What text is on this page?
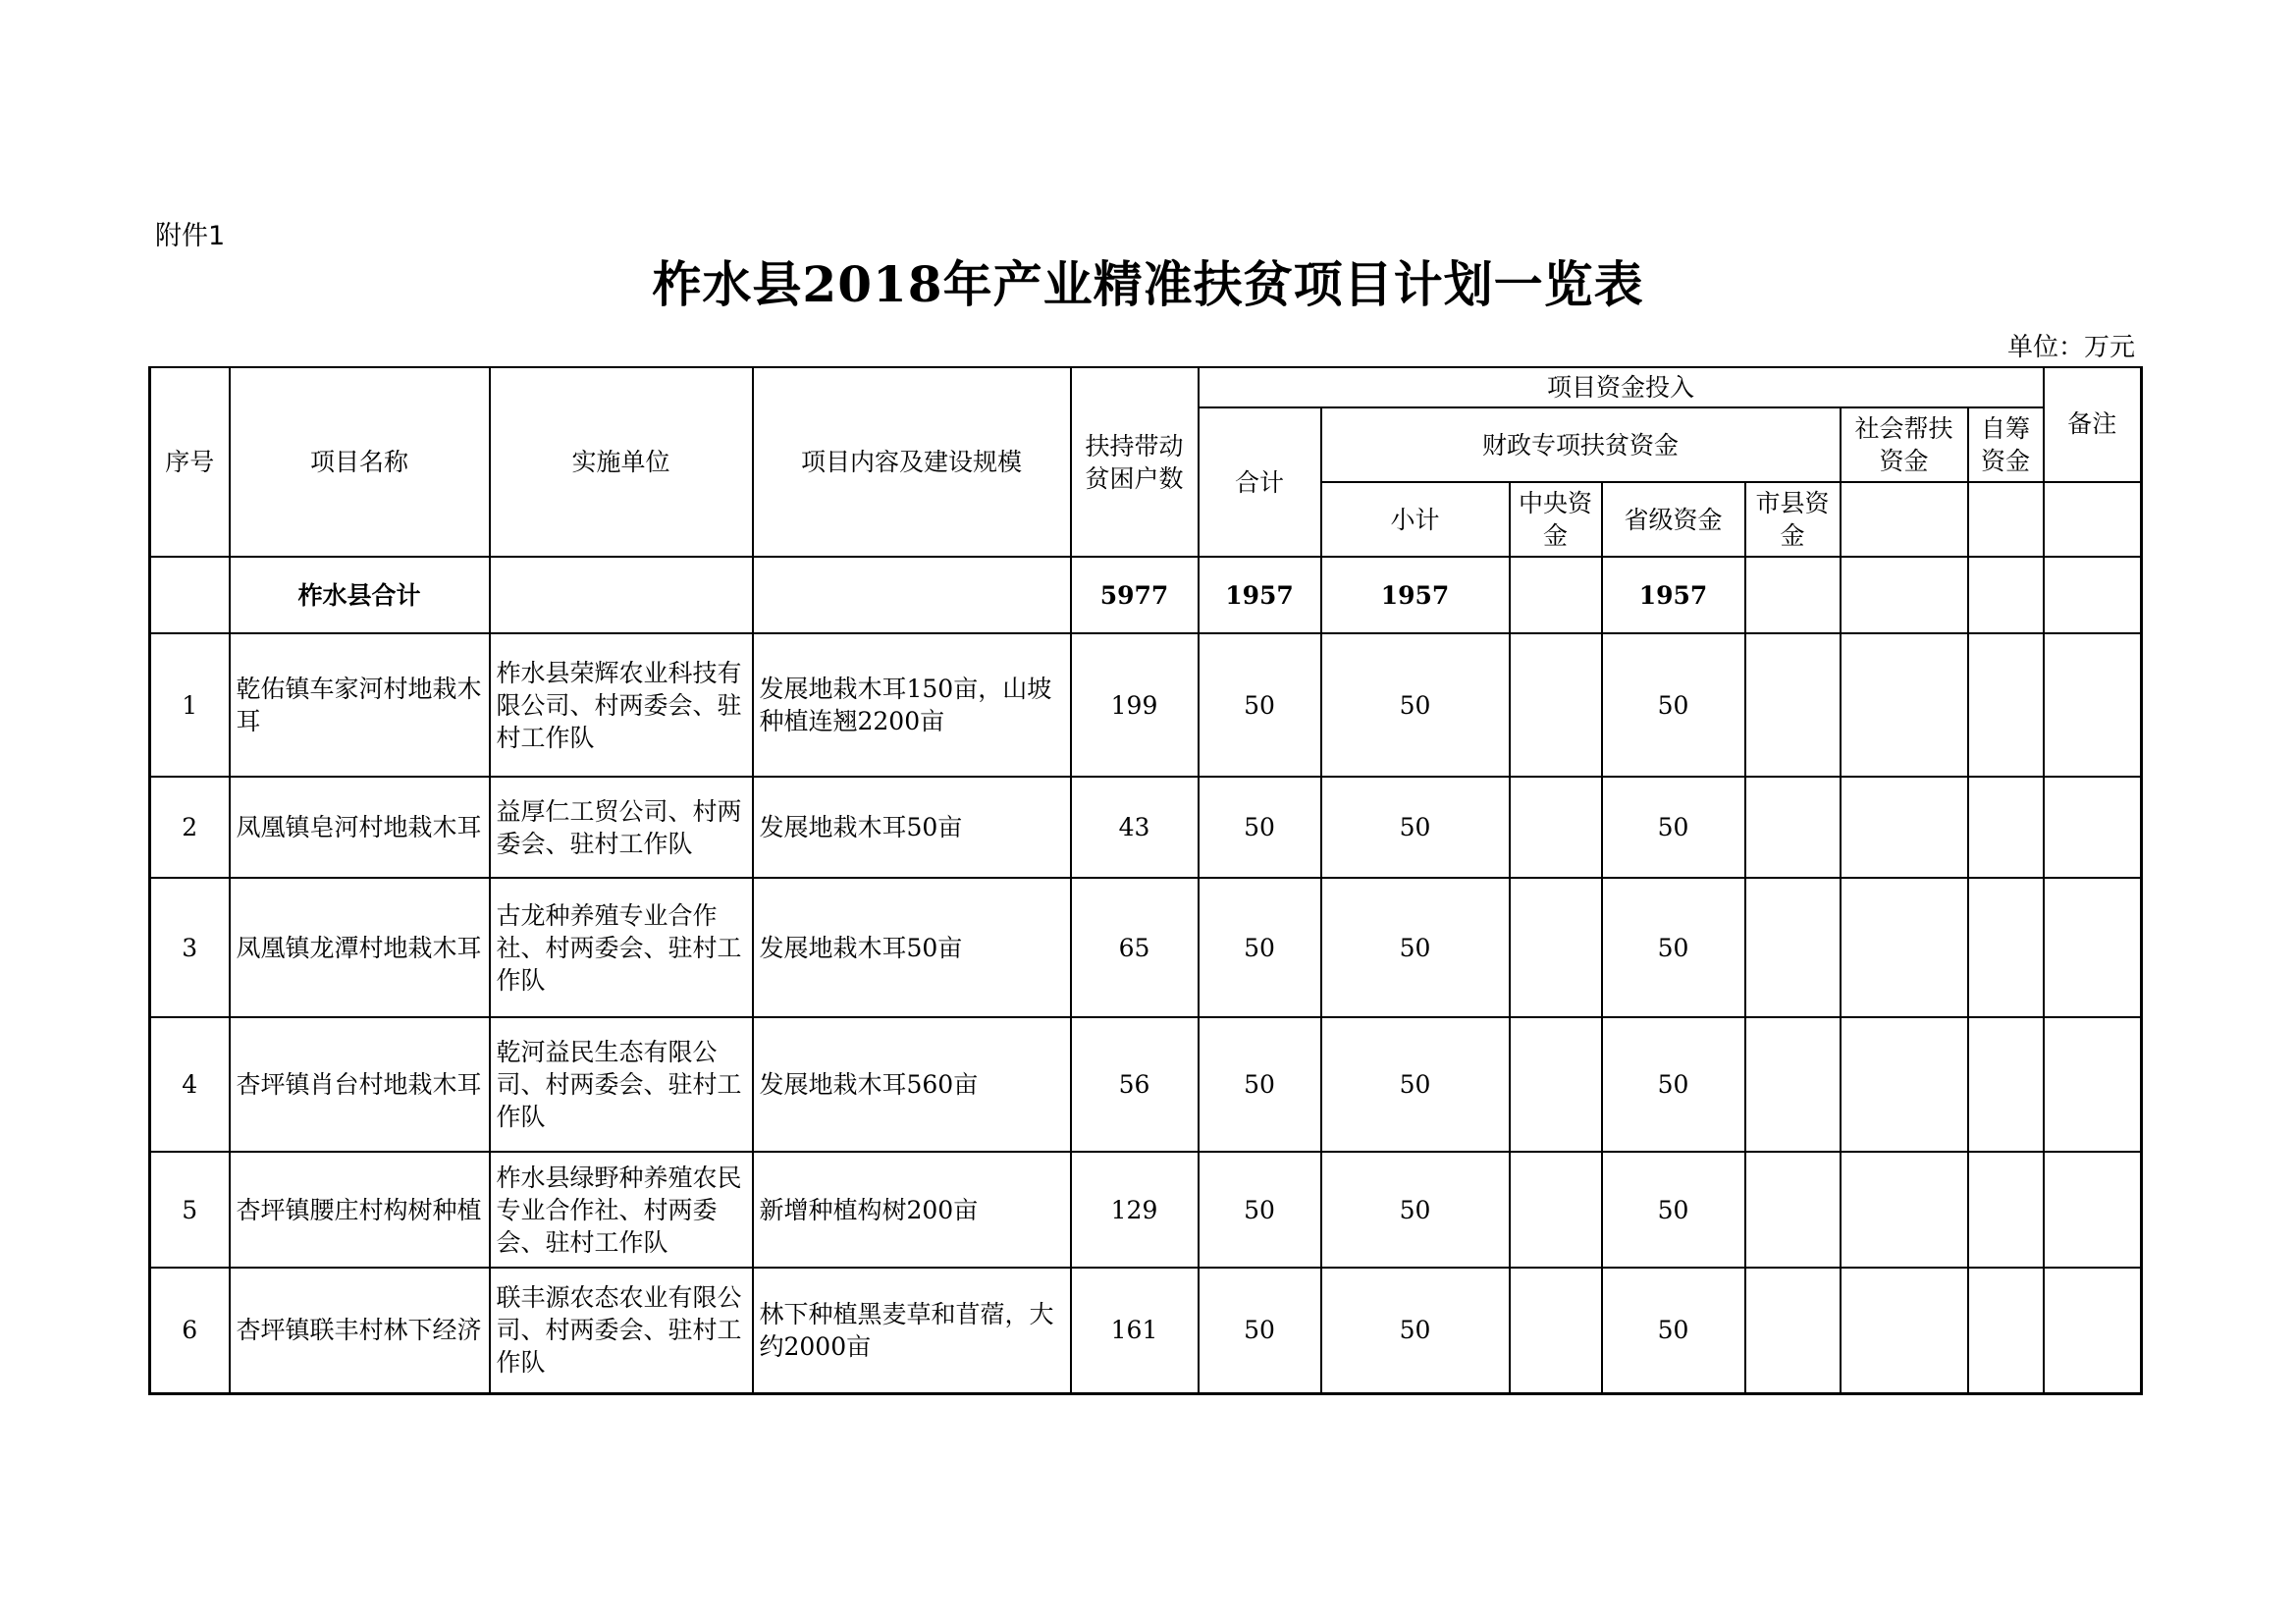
附件1
柞水县2018年产业精准扶贫项目计划一览表
单位：万元
序号	项目名称	实施单位	项目内容及建设规模	扶持带动贫困户数	项目资金投入							备注
					合计	财政专项扶贫资金				社会帮扶资金	自筹资金	
						小计	中央资金	省级资金	市县资金			
	柞水县合计			5977	1957	1957		1957				
1	乾佑镇车家河村地栽木耳	柞水县荣辉农业科技有限公司、村两委会、驻村工作队	发展地栽木耳150亩，山坡种植连翘2200亩	199	50	50		50				
2	凤凰镇皂河村地栽木耳	益厚仁工贸公司、村两委会、驻村工作队	发展地栽木耳50亩	43	50	50		50				
3	凤凰镇龙潭村地栽木耳	古龙种养殖专业合作社、村两委会、驻村工作队	发展地栽木耳50亩	65	50	50		50				
4	杏坪镇肖台村地栽木耳	乾河益民生态有限公司、村两委会、驻村工作队	发展地栽木耳560亩	56	50	50		50				
5	杏坪镇腰庄村构树种植	柞水县绿野种养殖农民专业合作社、村两委会、驻村工作队	新增种植构树200亩	129	50	50		50				
6	杏坪镇联丰村林下经济	联丰源农态农业有限公司、村两委会、驻村工作队	林下种植黑麦草和苜蓿，大约2000亩	161	50	50		50				
